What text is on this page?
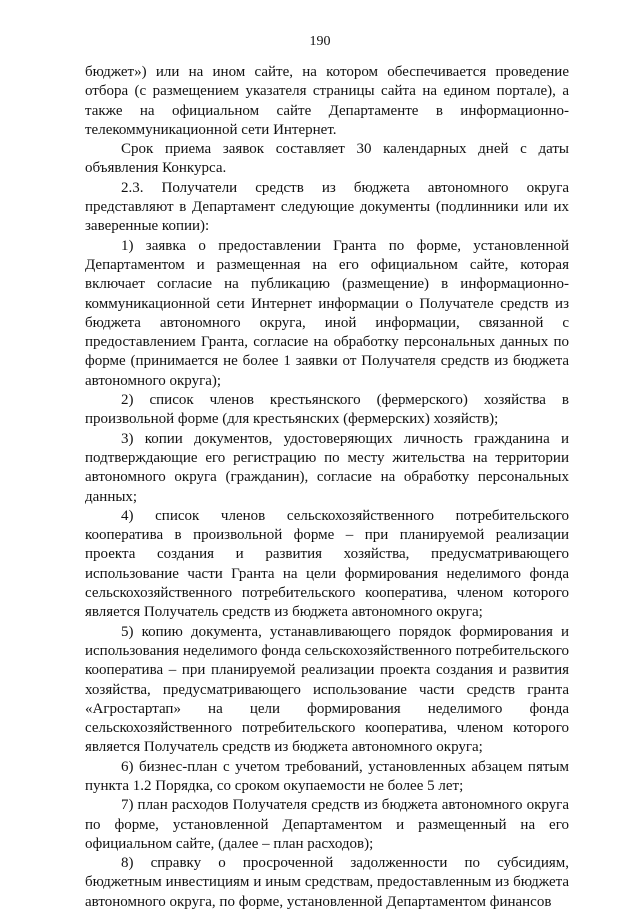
190

бюджет») или на ином сайте, на котором обеспечивается проведение отбора (с размещением указателя страницы сайта на едином портале), а также на официальном сайте Департаменте в информационно-телекоммуникационной сети Интернет.

Срок приема заявок составляет 30 календарных дней с даты объявления Конкурса.

2.3. Получатели средств из бюджета автономного округа представляют в Департамент следующие документы (подлинники или их заверенные копии):

1) заявка о предоставлении Гранта по форме, установленной Департаментом и размещенная на его официальном сайте, которая включает согласие на публикацию (размещение) в информационно-коммуникационной сети Интернет информации о Получателе средств из бюджета автономного округа, иной информации, связанной с предоставлением Гранта, согласие на обработку персональных данных по форме (принимается не более 1 заявки от Получателя средств из бюджета автономного округа);

2) список членов крестьянского (фермерского) хозяйства в произвольной форме (для крестьянских (фермерских) хозяйств);

3) копии документов, удостоверяющих личность гражданина и подтверждающие его регистрацию по месту жительства на территории автономного округа (гражданин), согласие на обработку персональных данных;

4) список членов сельскохозяйственного потребительского кооператива в произвольной форме – при планируемой реализации проекта создания и развития хозяйства, предусматривающего использование части Гранта на цели формирования неделимого фонда сельскохозяйственного потребительского кооператива, членом которого является Получатель средств из бюджета автономного округа;

5) копию документа, устанавливающего порядок формирования и использования неделимого фонда сельскохозяйственного потребительского кооператива – при планируемой реализации проекта создания и развития хозяйства, предусматривающего использование части средств гранта «Агростартап» на цели формирования неделимого фонда сельскохозяйственного потребительского кооператива, членом которого является Получатель средств из бюджета автономного округа;

6) бизнес-план с учетом требований, установленных абзацем пятым пункта 1.2 Порядка, со сроком окупаемости не более 5 лет;

7) план расходов Получателя средств из бюджета автономного округа по форме, установленной Департаментом и размещенный на его официальном сайте, (далее – план расходов);

8) справку о просроченной задолженности по субсидиям, бюджетным инвестициям и иным средствам, предоставленным из бюджета автономного округа, по форме, установленной Департаментом финансов
